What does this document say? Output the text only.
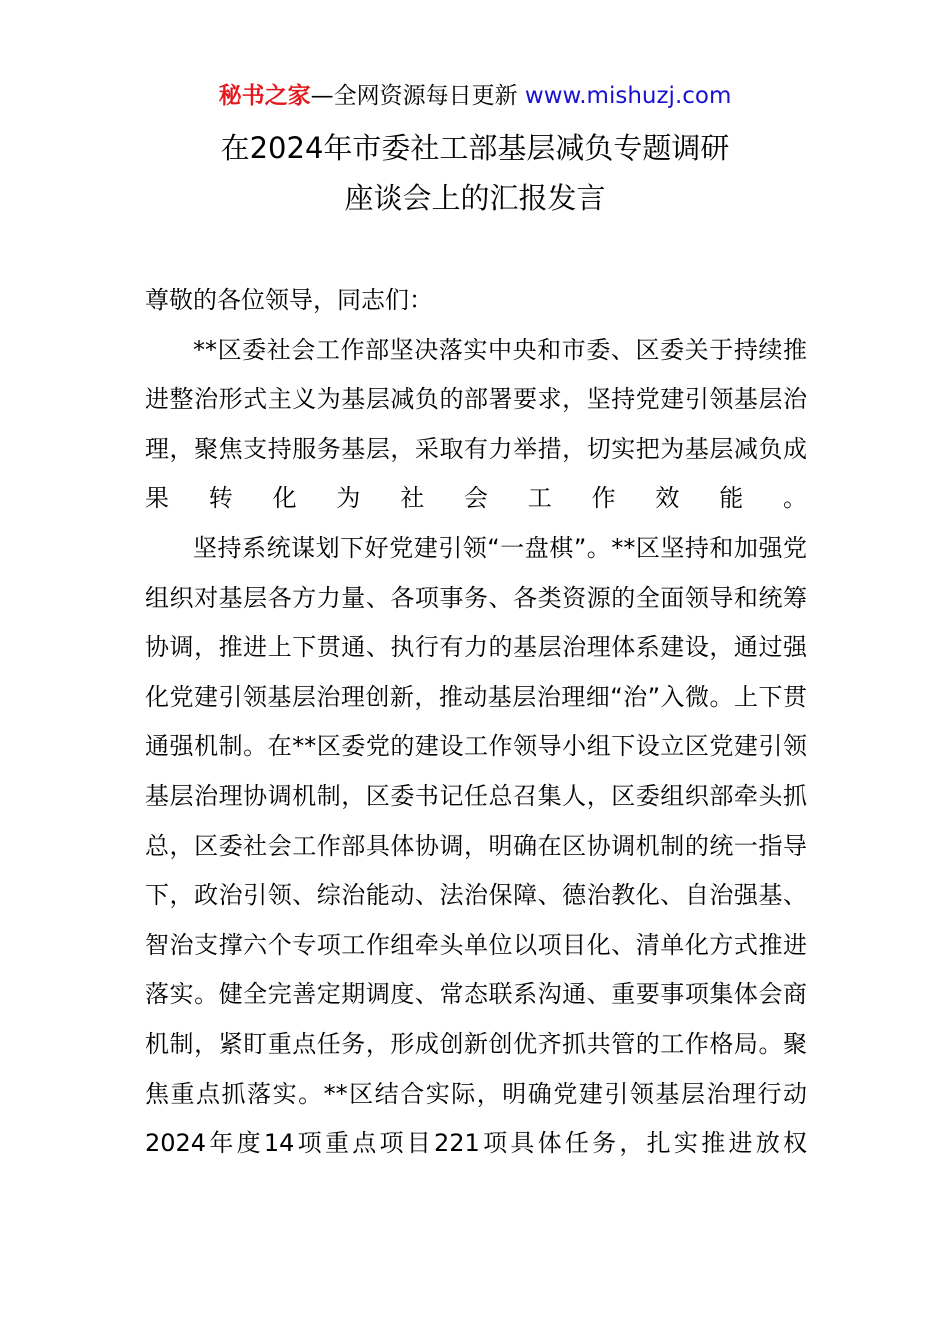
秘书之家—全网资源每日更新 www.mishuzj.com
在2024年市委社工部基层减负专题调研
座谈会上的汇报发言

尊敬的各位领导，同志们：

**区委社会工作部坚决落实中央和市委、区委关于持续推进整治形式主义为基层减负的部署要求，坚持党建引领基层治理，聚焦支持服务基层，采取有力举措，切实把为基层减负成果转化为社会工作效能。

坚持系统谋划下好党建引领“一盘棋”。**区坚持和加强党组织对基层各方力量、各项事务、各类资源的全面领导和统筹协调，推进上下贯通、执行有力的基层治理体系建设，通过强化党建引领基层治理创新，推动基层治理细“治”入微。上下贯通强机制。在**区委党的建设工作领导小组下设立区党建引领基层治理协调机制，区委书记任总召集人，区委组织部牵头抓总，区委社会工作部具体协调，明确在区协调机制的统一指导下，政治引领、综治能动、法治保障、德治教化、自治强基、智治支撑六个专项工作组牵头单位以项目化、清单化方式推进落实。健全完善定期调度、常态联系沟通、重要事项集体会商机制，紧盯重点任务，形成创新创优齐抓共管的工作格局。聚焦重点抓落实。**区结合实际，明确党建引领基层治理行动2024年度14项重点项目221项具体任务，扎实推进放权
